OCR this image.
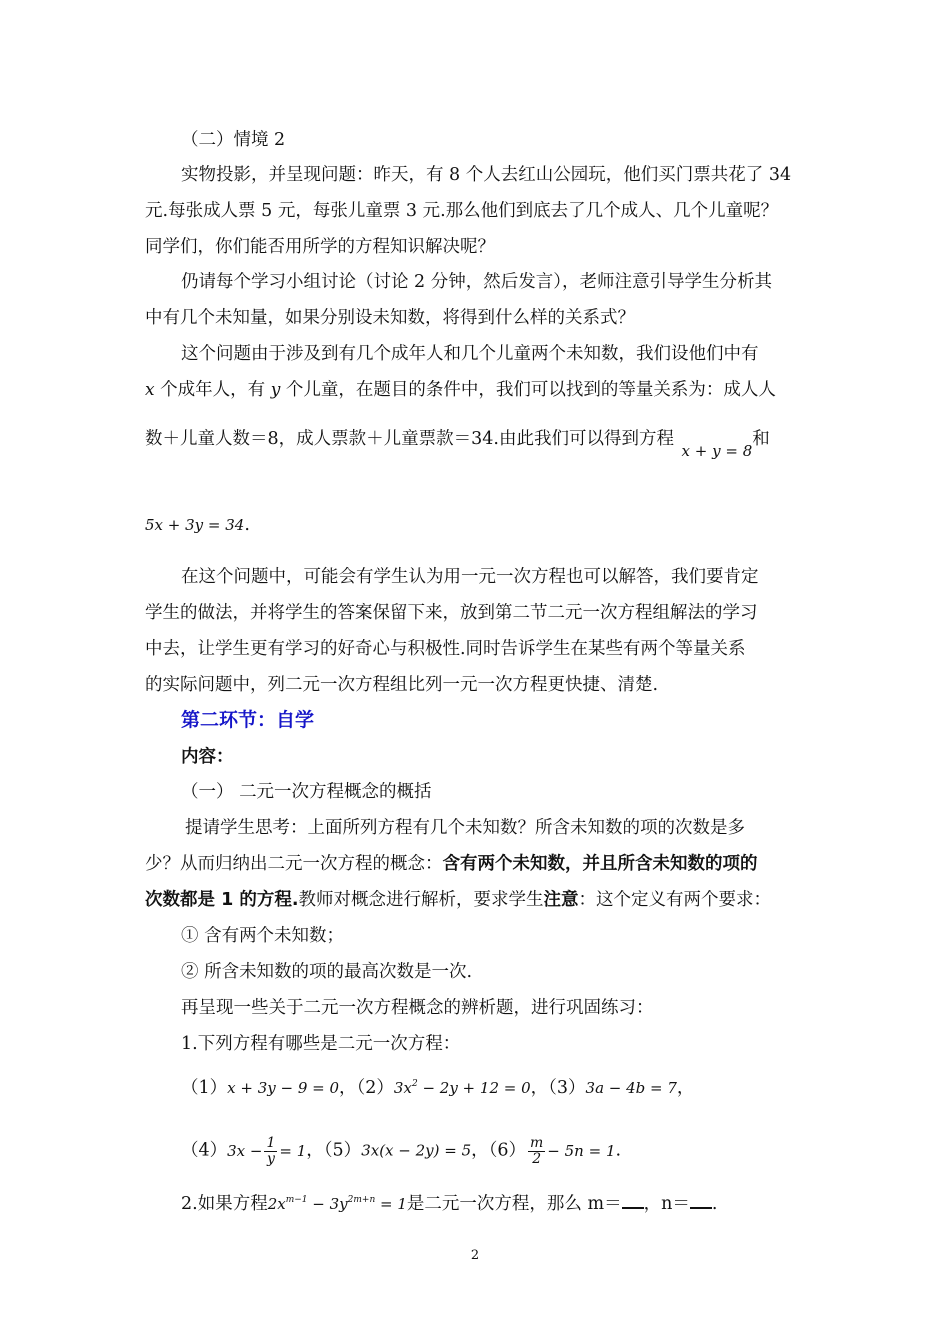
（二）情境 2
实物投影，并呈现问题：昨天，有 8 个人去红山公园玩，他们买门票共花了 34
元.每张成人票 5 元，每张儿童票 3 元.那么他们到底去了几个成人、几个儿童呢？
同学们，你们能否用所学的方程知识解决呢？
仍请每个学习小组讨论（讨论 2 分钟，然后发言），老师注意引导学生分析其
中有几个未知量，如果分别设未知数，将得到什么样的关系式？
这个问题由于涉及到有几个成年人和几个儿童两个未知数，我们设他们中有
x 个成年人，有 y 个儿童，在题目的条件中，我们可以找到的等量关系为：成人人
数＋儿童人数＝8，成人票款＋儿童票款＝34.由此我们可以得到方程 x + y = 8和
5x + 3y = 34.
在这个问题中，可能会有学生认为用一元一次方程也可以解答，我们要肯定
学生的做法，并将学生的答案保留下来，放到第二节二元一次方程组解法的学习
中去，让学生更有学习的好奇心与积极性.同时告诉学生在某些有两个等量关系
的实际问题中，列二元一次方程组比列一元一次方程更快捷、清楚.
第二环节：自学
内容：
（一） 二元一次方程概念的概括
提请学生思考：上面所列方程有几个未知数？所含未知数的项的次数是多
少？从而归纳出二元一次方程的概念：含有两个未知数，并且所含未知数的项的
次数都是 1 的方程.教师对概念进行解析，要求学生注意：这个定义有两个要求：
① 含有两个未知数；
② 所含未知数的项的最高次数是一次.
再呈现一些关于二元一次方程概念的辨析题，进行巩固练习：
1.下列方程有哪些是二元一次方程：
（1）x + 3y − 9 = 0，$(2)3x^2 - 2y + 12 = 0$，（3）3a − 4b = 7，
$(4)3x - \frac{1}{y} = 1$，（5）3x(x − 2y) = 5，$(6) \frac{m}{2} - 5n = 1$.
2.如果方程$2x^{m-1} - 3y^{2m+n} = 1$是二元一次方程，那么 m＝ ，n＝ .
2
